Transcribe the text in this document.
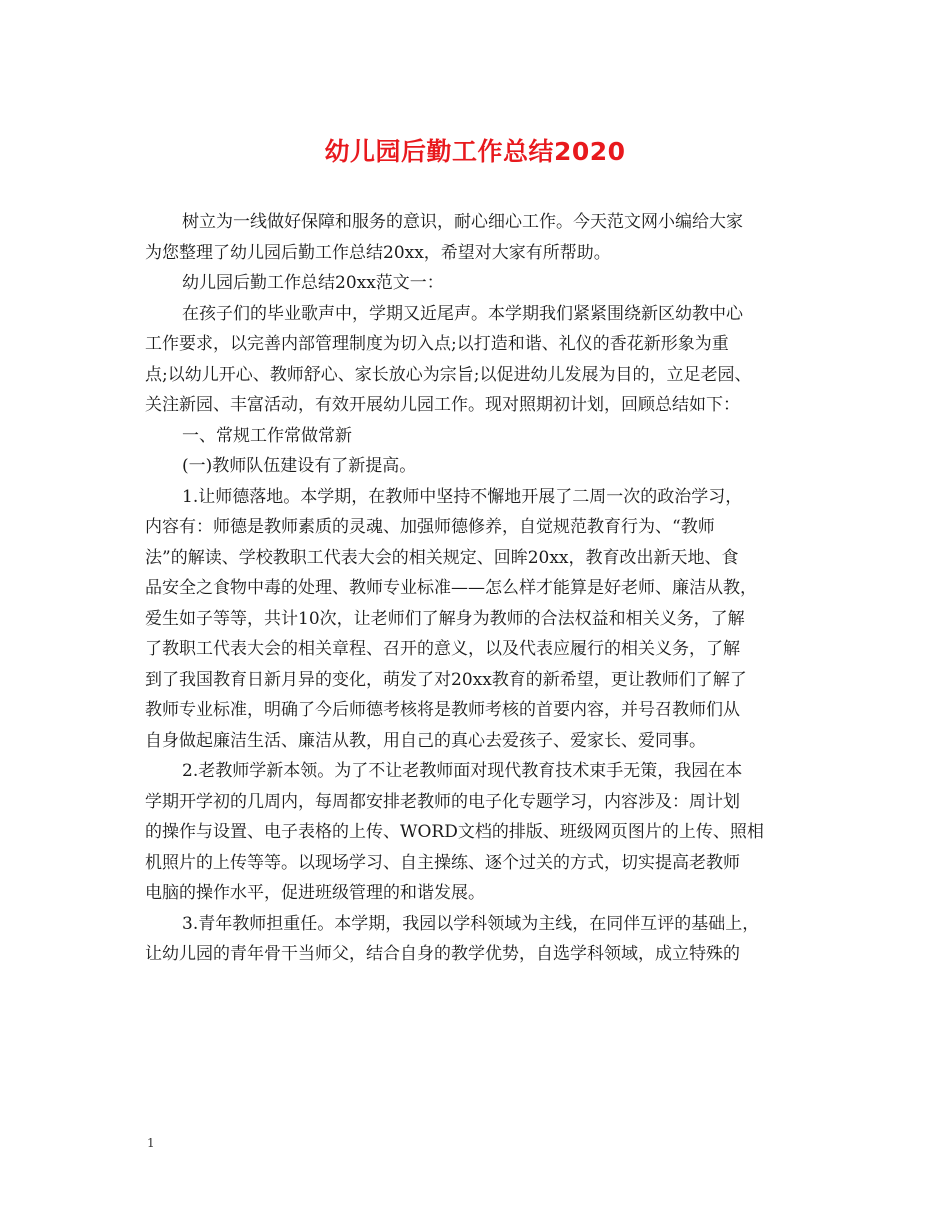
幼儿园后勤工作总结2020
树立为一线做好保障和服务的意识，耐心细心工作。今天范文网小编给大家
为您整理了幼儿园后勤工作总结20xx，希望对大家有所帮助。
幼儿园后勤工作总结20xx范文一：
在孩子们的毕业歌声中，学期又近尾声。本学期我们紧紧围绕新区幼教中心
工作要求，以完善内部管理制度为切入点;以打造和谐、礼仪的香花新形象为重
点;以幼儿开心、教师舒心、家长放心为宗旨;以促进幼儿发展为目的，立足老园、
关注新园、丰富活动，有效开展幼儿园工作。现对照期初计划，回顾总结如下：
一、常规工作常做常新
(一)教师队伍建设有了新提高。
1.让师德落地。本学期，在教师中坚持不懈地开展了二周一次的政治学习，
内容有：师德是教师素质的灵魂、加强师德修养，自觉规范教育行为、“教师
法”的解读、学校教职工代表大会的相关规定、回眸20xx，教育改出新天地、食
品安全之食物中毒的处理、教师专业标准——怎么样才能算是好老师、廉洁从教，
爱生如子等等，共计10次，让老师们了解身为教师的合法权益和相关义务，了解
了教职工代表大会的相关章程、召开的意义，以及代表应履行的相关义务，了解
到了我国教育日新月异的变化，萌发了对20xx教育的新希望，更让教师们了解了
教师专业标准，明确了今后师德考核将是教师考核的首要内容，并号召教师们从
自身做起廉洁生活、廉洁从教，用自己的真心去爱孩子、爱家长、爱同事。
2.老教师学新本领。为了不让老教师面对现代教育技术束手无策，我园在本
学期开学初的几周内，每周都安排老教师的电子化专题学习，内容涉及：周计划
的操作与设置、电子表格的上传、WORD文档的排版、班级网页图片的上传、照相
机照片的上传等等。以现场学习、自主操练、逐个过关的方式，切实提高老教师
电脑的操作水平，促进班级管理的和谐发展。
3.青年教师担重任。本学期，我园以学科领域为主线，在同伴互评的基础上，
让幼儿园的青年骨干当师父，结合自身的教学优势，自选学科领域，成立特殊的
1
